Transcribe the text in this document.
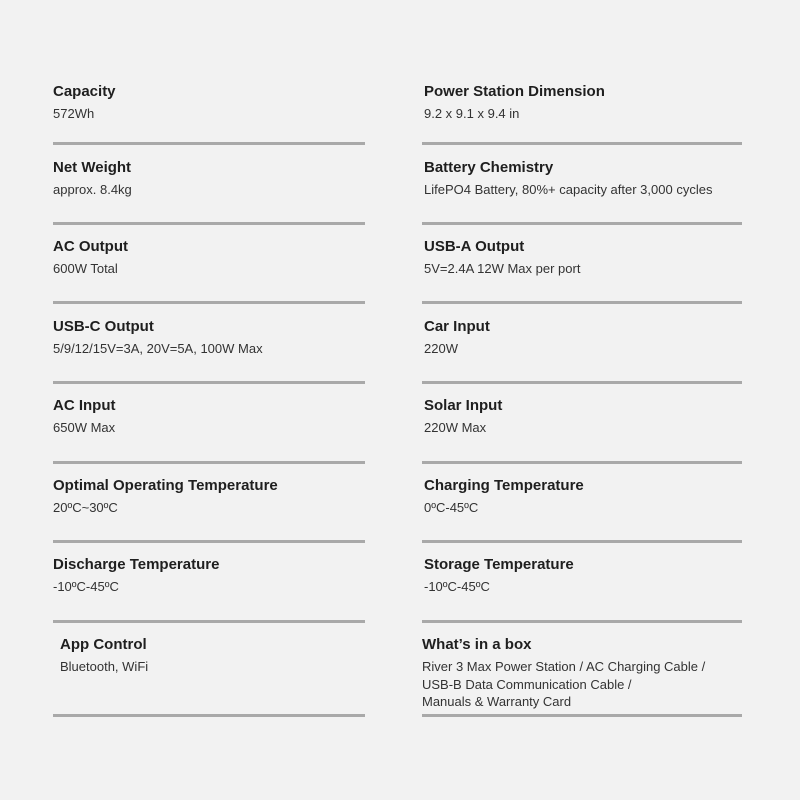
Capacity
572Wh
Power Station Dimension
9.2 x 9.1 x 9.4 in
Net Weight
approx. 8.4kg
Battery Chemistry
LifePO4 Battery, 80%+ capacity after 3,000 cycles
AC Output
600W Total
USB-A Output
5V=2.4A 12W Max per port
USB-C Output
5/9/12/15V=3A, 20V=5A, 100W Max
Car Input
220W
AC Input
650W Max
Solar Input
220W Max
Optimal Operating Temperature
20ºC~30ºC
Charging Temperature
0ºC-45ºC
Discharge Temperature
-10ºC-45ºC
Storage Temperature
-10ºC-45ºC
App Control
Bluetooth, WiFi
What’s in a box
River 3 Max Power Station / AC Charging Cable /
USB-B Data Communication Cable /
Manuals & Warranty Card
